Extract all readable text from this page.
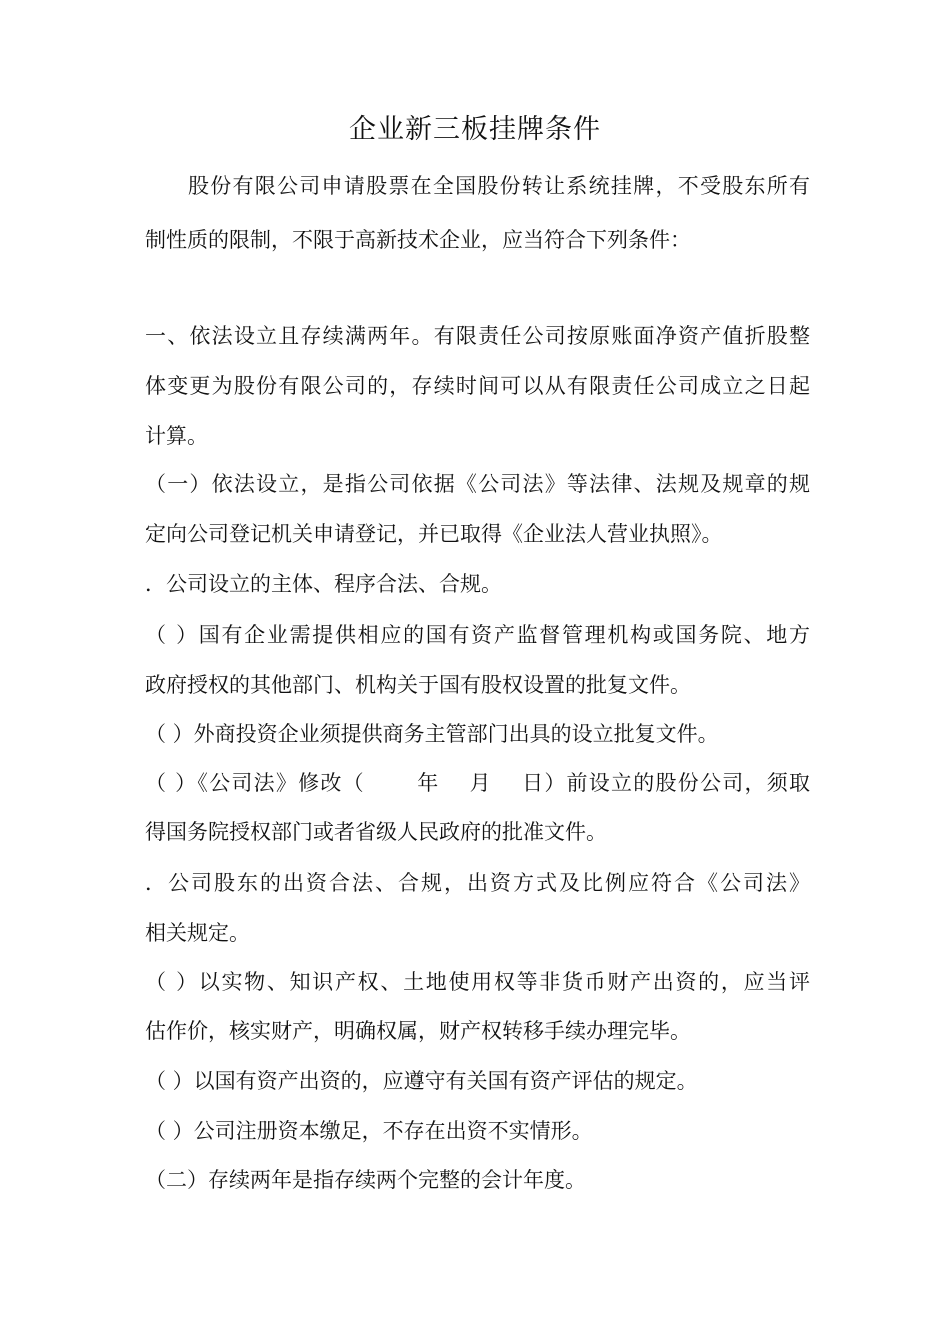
企业新三板挂牌条件
股份有限公司申请股票在全国股份转让系统挂牌，不受股东所有
制性质的限制，不限于高新技术企业，应当符合下列条件：
一、依法设立且存续满两年。有限责任公司按原账面净资产值折股整
体变更为股份有限公司的，存续时间可以从有限责任公司成立之日起
计算。
（一）依法设立，是指公司依据《公司法》等法律、法规及规章的规
定向公司登记机关申请登记，并已取得《企业法人营业执照》。
．公司设立的主体、程序合法、合规。
（ ）国有企业需提供相应的国有资产监督管理机构或国务院、地方
政府授权的其他部门、机构关于国有股权设置的批复文件。
（ ）外商投资企业须提供商务主管部门出具的设立批复文件。
（ ）《公司法》修改（　　 年　 月　 日）前设立的股份公司，须取
得国务院授权部门或者省级人民政府的批准文件。
．公司股东的出资合法、合规，出资方式及比例应符合《公司法》
相关规定。
（ ）以实物、知识产权、土地使用权等非货币财产出资的，应当评
估作价，核实财产，明确权属，财产权转移手续办理完毕。
（ ）以国有资产出资的，应遵守有关国有资产评估的规定。
（ ）公司注册资本缴足，不存在出资不实情形。
（二）存续两年是指存续两个完整的会计年度。
